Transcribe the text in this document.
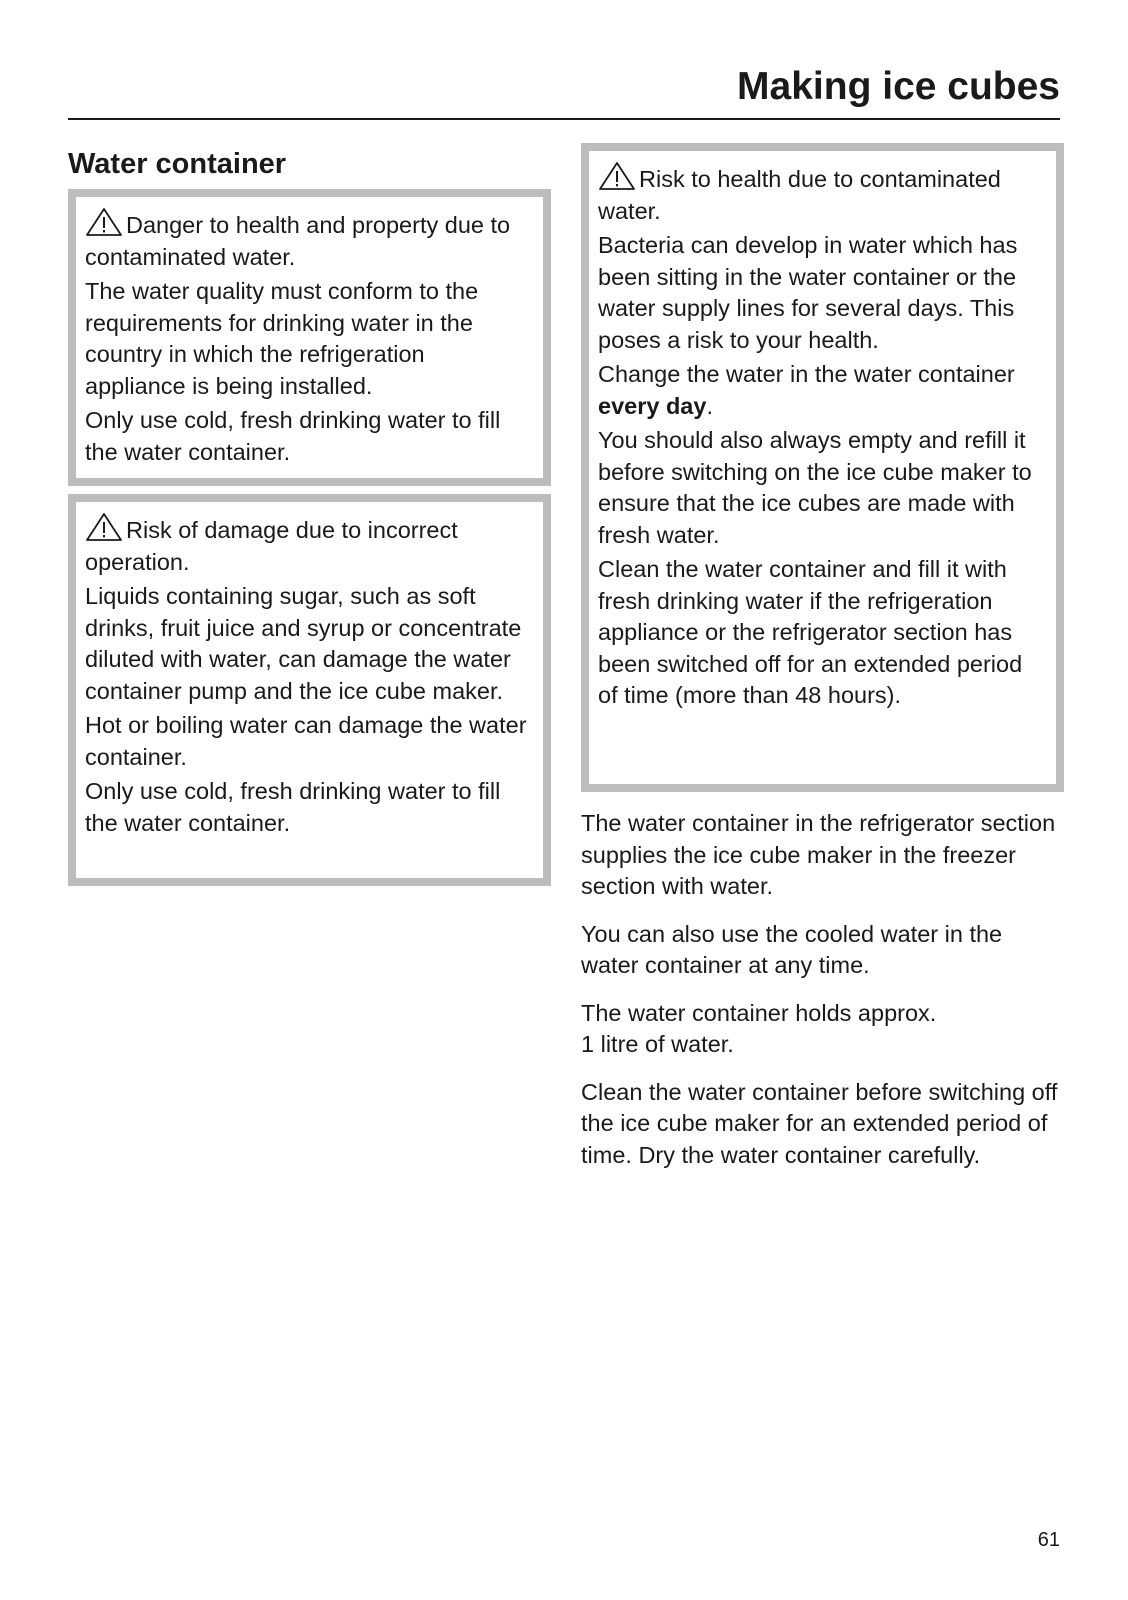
Making ice cubes
Water container

Danger to health and property due to contaminated water.

The water quality must conform to the requirements for drinking water in the country in which the refrigeration appliance is being installed.

Only use cold, fresh drinking water to fill the water container.

Risk of damage due to incorrect operation.

Liquids containing sugar, such as soft drinks, fruit juice and syrup or concentrate diluted with water, can damage the water container pump and the ice cube maker.

Hot or boiling water can damage the water container.

Only use cold, fresh drinking water to fill the water container.

Risk to health due to contaminated water.

Bacteria can develop in water which has been sitting in the water container or the water supply lines for several days. This poses a risk to your health.

Change the water in the water container every day.

You should also always empty and refill it before switching on the ice cube maker to ensure that the ice cubes are made with fresh water.

Clean the water container and fill it with fresh drinking water if the refrigeration appliance or the refrigerator section has been switched off for an extended period of time (more than 48 hours).

The water container in the refrigerator section supplies the ice cube maker in the freezer section with water.

You can also use the cooled water in the water container at any time.

The water container holds approx.
1 litre of water.

Clean the water container before switching off the ice cube maker for an extended period of time. Dry the water container carefully.

61
